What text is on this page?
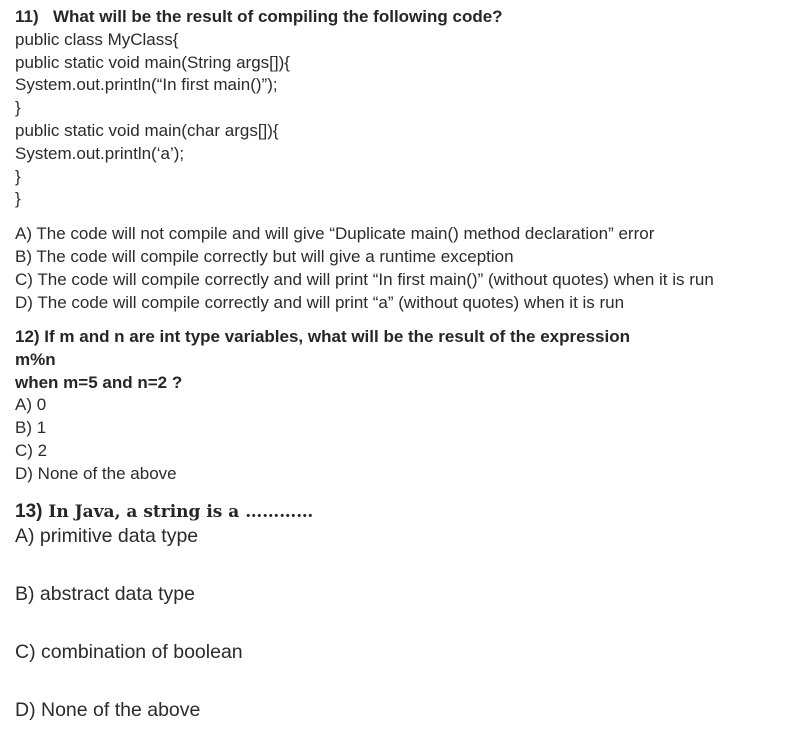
11) What will be the result of compiling the following code?
public class MyClass{
public static void main(String args[]){
System.out.println(“In first main()”);
}
public static void main(char args[]){
System.out.println(‘a’);
}
}
A) The code will not compile and will give “Duplicate main() method declaration” error
B) The code will compile correctly but will give a runtime exception
C) The code will compile correctly and will print “In first main()” (without quotes) when it is run
D) The code will compile correctly and will print “a” (without quotes) when it is run
12) If m and n are int type variables, what will be the result of the expression
m%n
when m=5 and n=2 ?
A) 0
B) 1
C) 2
D) None of the above
13) In Java, a string is a …………
A) primitive data type
B) abstract data type
C) combination of boolean
D) None of the above
